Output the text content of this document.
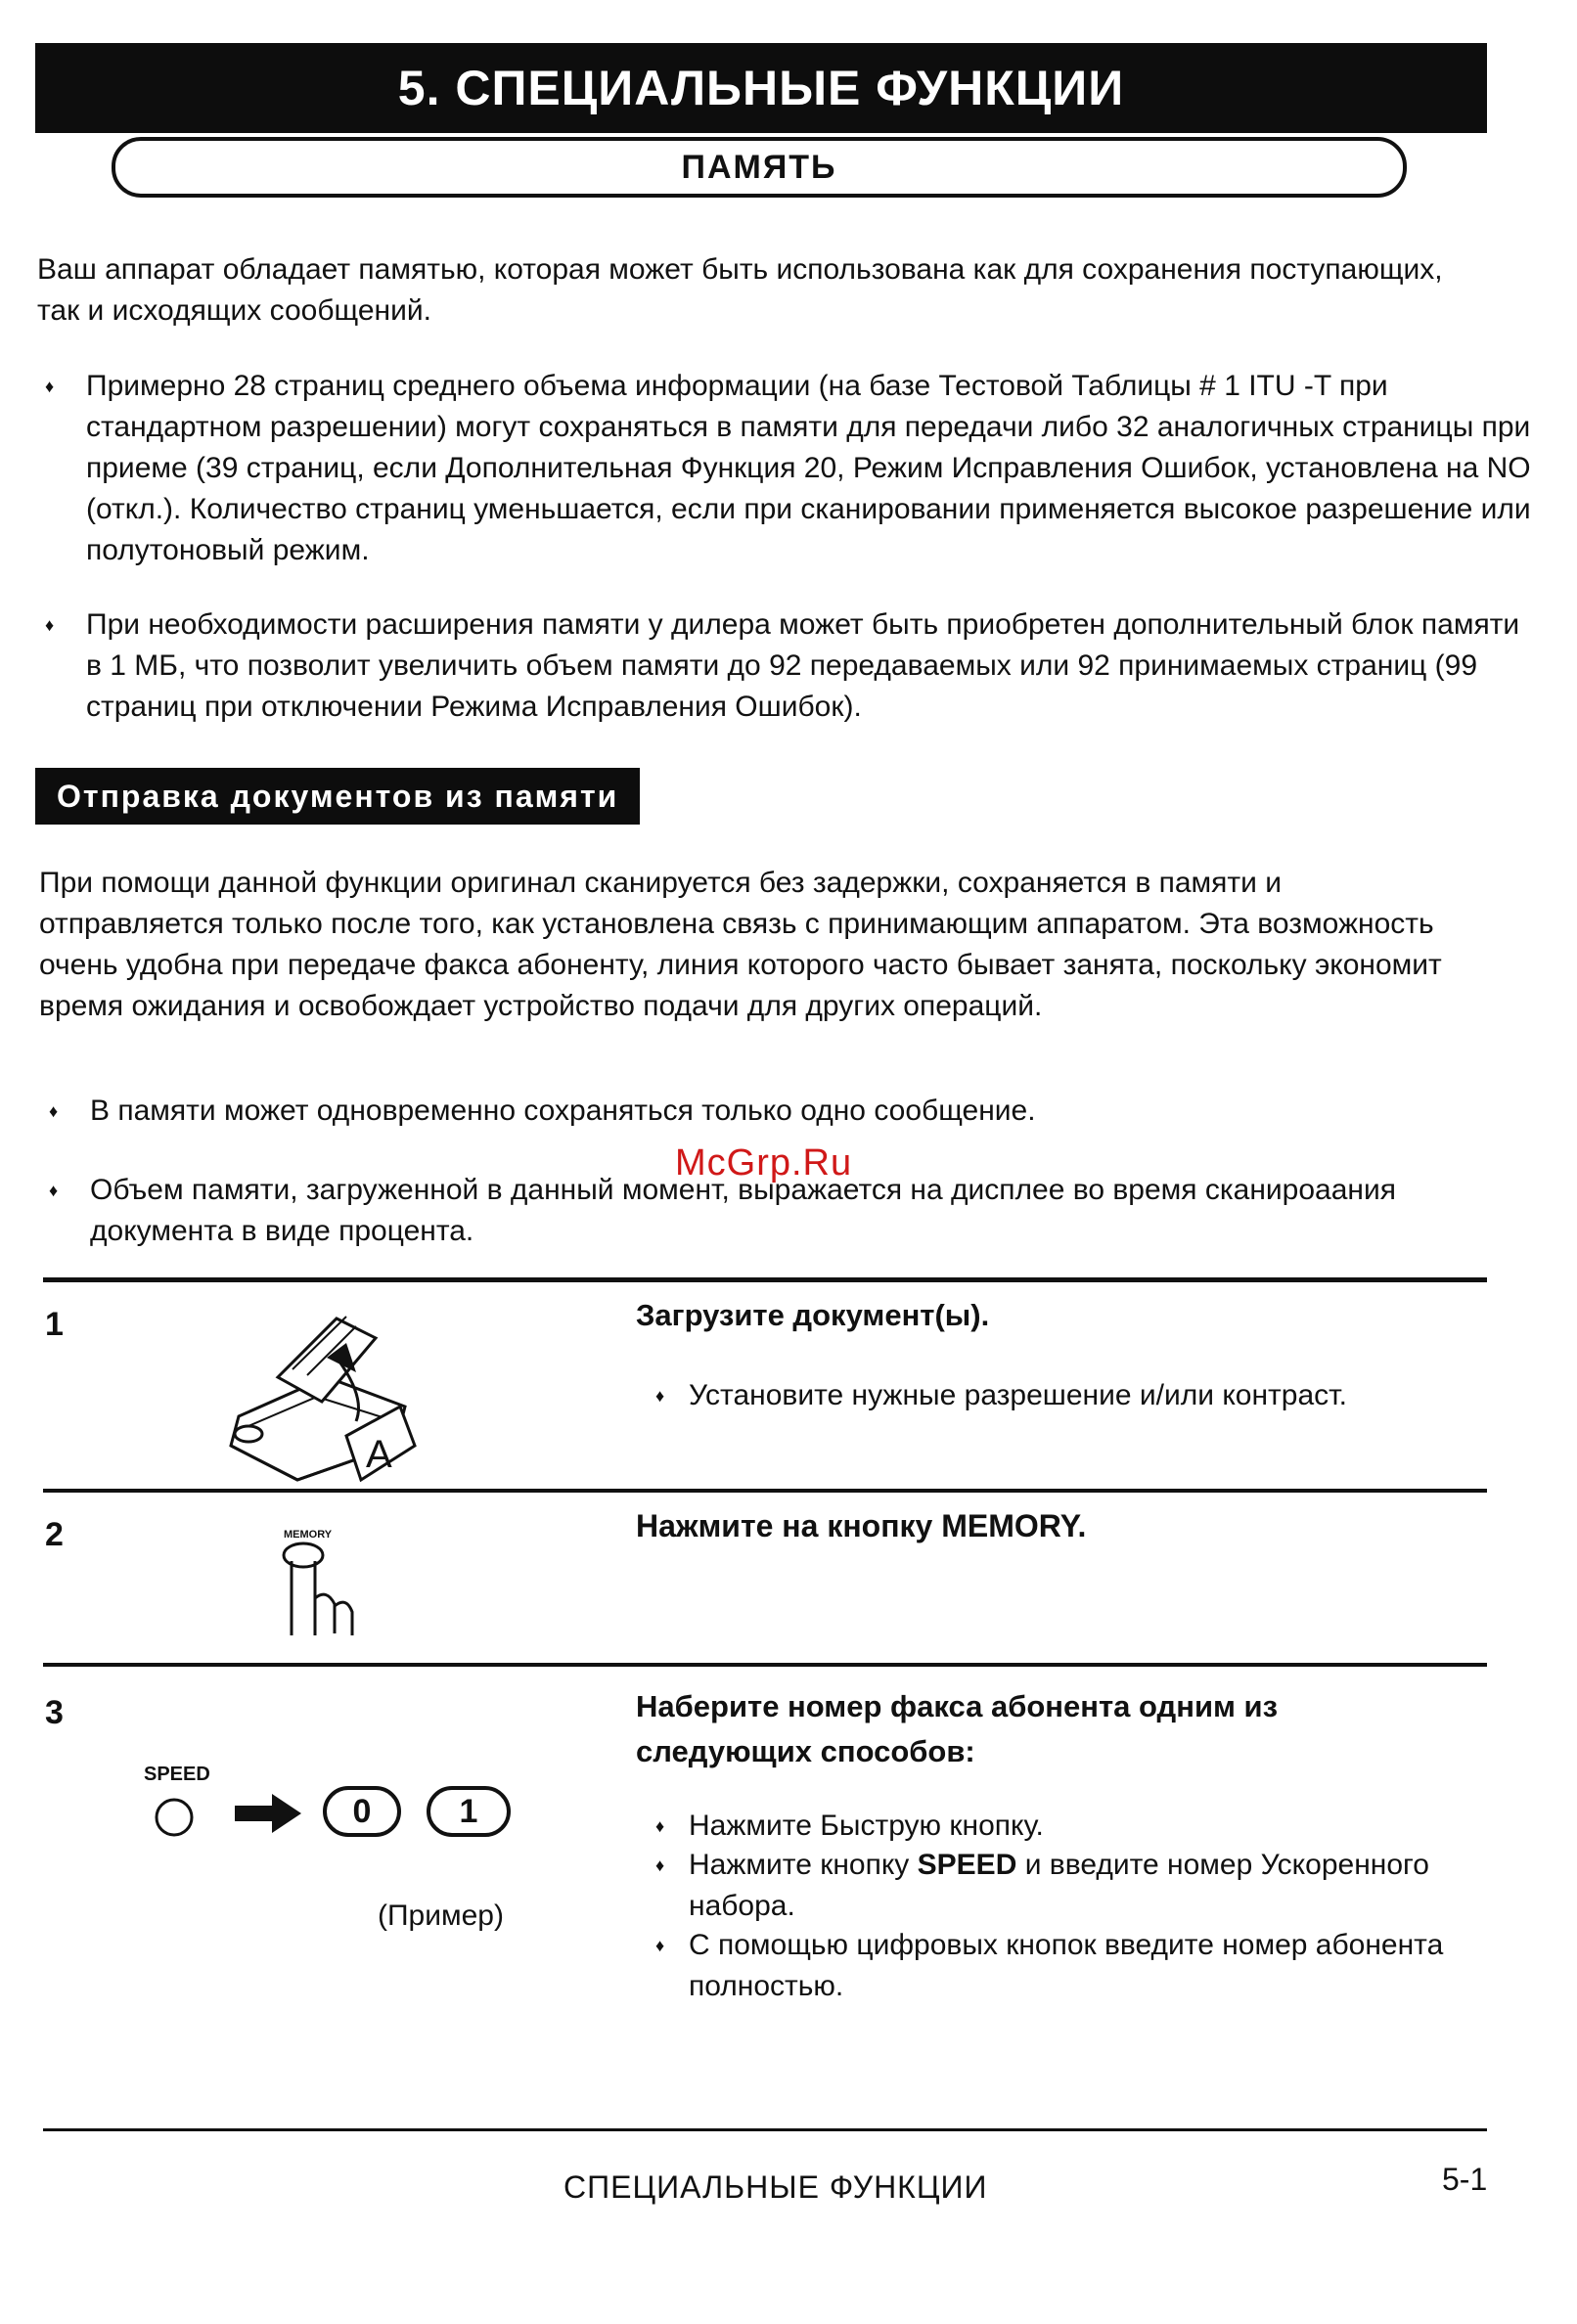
5. СПЕЦИАЛЬНЫЕ ФУНКЦИИ
ПАМЯТЬ

Ваш аппарат обладает памятью, которая может быть использована как для сохранения поступающих, так и исходящих сообщений.

♦ Примерно 28 страниц среднего объема информации (на базе Тестовой Таблицы # 1 ITU -T при стандартном разрешении) могут сохраняться в памяти для передачи либо 32 аналогичных страницы при приеме (39 страниц, если Дополнительная Функция 20, Режим Исправления Ошибок, установлена на NO (откл.). Количество страниц уменьшается, если при сканировании применяется высокое разрешение или полутоновый режим.

♦ При необходимости расширения памяти у дилера может быть приобретен дополнительный блок памяти в 1 МБ, что позволит увеличить объем памяти до 92 передаваемых или 92 принимаемых страниц (99 страниц при отключении Режима Исправления Ошибок).

Отправка документов из памяти

При помощи данной функции оригинал сканируется без задержки, сохраняется в памяти и отправляется только после того, как установлена связь с принимающим аппаратом. Эта возможность очень удобна при передаче факса абоненту, линия которого часто бывает занята, поскольку экономит время ожидания и освобождает устройство подачи для других операций.

♦ В памяти может одновременно сохраняться только одно сообщение.

♦ Объем памяти, загруженной в данный момент, выражается на дисплее во время сканироаания документа в виде процента.

McGrp.Ru
1
A
Загрузите документ(ы).

♦ Установите нужные разрешение и/или контраст.

2	MEMORY	Нажмите на кнопку MEMORY.
3	Наберите номер факса абонента одним из следующих способов:
SPEED
0	1
(Пример)

♦ Нажмите Быструю кнопку.

♦ Нажмите кнопку SPEED и введите номер Ускоренного набора.

♦ С помощью цифровых кнопок введите номер абонента полностью.

СПЕЦИАЛЬНЫЕ ФУНКЦИИ	5-1
